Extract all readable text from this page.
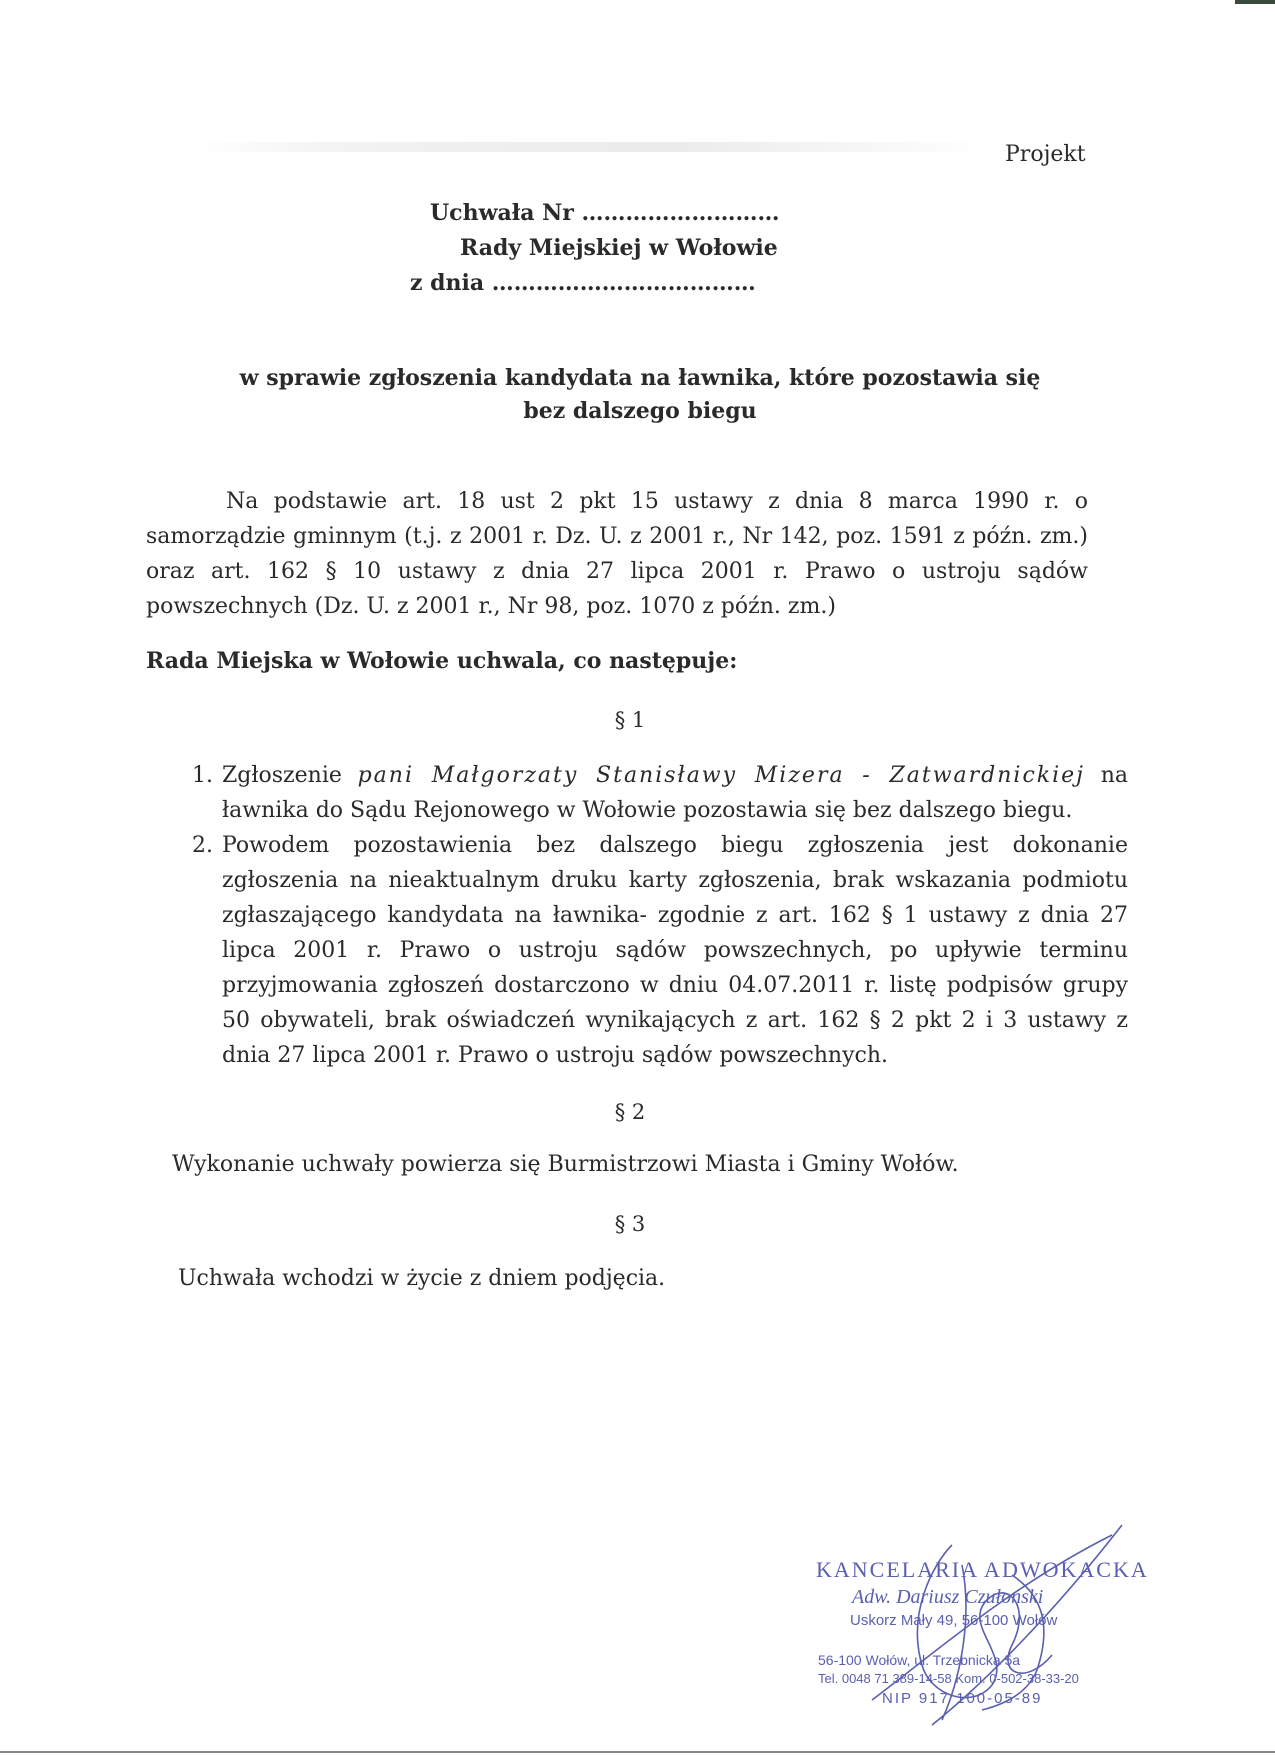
Projekt
Uchwała Nr ………………………
Rady Miejskiej w Wołowie
z dnia ………………………………
w sprawie zgłoszenia kandydata na ławnika, które pozostawia się
bez dalszego biegu
Na podstawie art. 18 ust 2 pkt 15 ustawy z dnia 8 marca 1990 r. o samorządzie gminnym (t.j. z 2001 r. Dz. U. z 2001 r., Nr 142, poz. 1591 z późn. zm.) oraz art. 162 § 10 ustawy z dnia 27 lipca 2001 r. Prawo o ustroju sądów powszechnych (Dz. U. z 2001 r., Nr 98, poz. 1070 z późn. zm.)
Rada Miejska w Wołowie uchwala, co następuje:
§ 1
1. Zgłoszenie pani Małgorzaty Stanisławy Mizera - Zatwardnickiej na ławnika do Sądu Rejonowego w Wołowie pozostawia się bez dalszego biegu.
2. Powodem pozostawienia bez dalszego biegu zgłoszenia jest dokonanie zgłoszenia na nieaktualnym druku karty zgłoszenia, brak wskazania podmiotu zgłaszającego kandydata na ławnika- zgodnie z art. 162 § 1 ustawy z dnia 27 lipca 2001 r. Prawo o ustroju sądów powszechnych, po upływie terminu przyjmowania zgłoszeń dostarczono w dniu 04.07.2011 r. listę podpisów grupy 50 obywateli, brak oświadczeń wynikających z art. 162 § 2 pkt 2 i 3 ustawy z dnia 27 lipca 2001 r. Prawo o ustroju sądów powszechnych.
§ 2
Wykonanie uchwały powierza się Burmistrzowi Miasta i Gminy Wołów.
§ 3
Uchwała wchodzi w życie z dniem podjęcia.
KANCELARIA ADWOKACKA
Adw. Dariusz Czułoński
Uskorz Mały 49, 56-100 Wołów
56-100 Wołów, ul. Trzebnicka 5a
Tel. 0048 71 389-14-58 Kom. 0-502-38-33-20
NIP 917 100-05-89
